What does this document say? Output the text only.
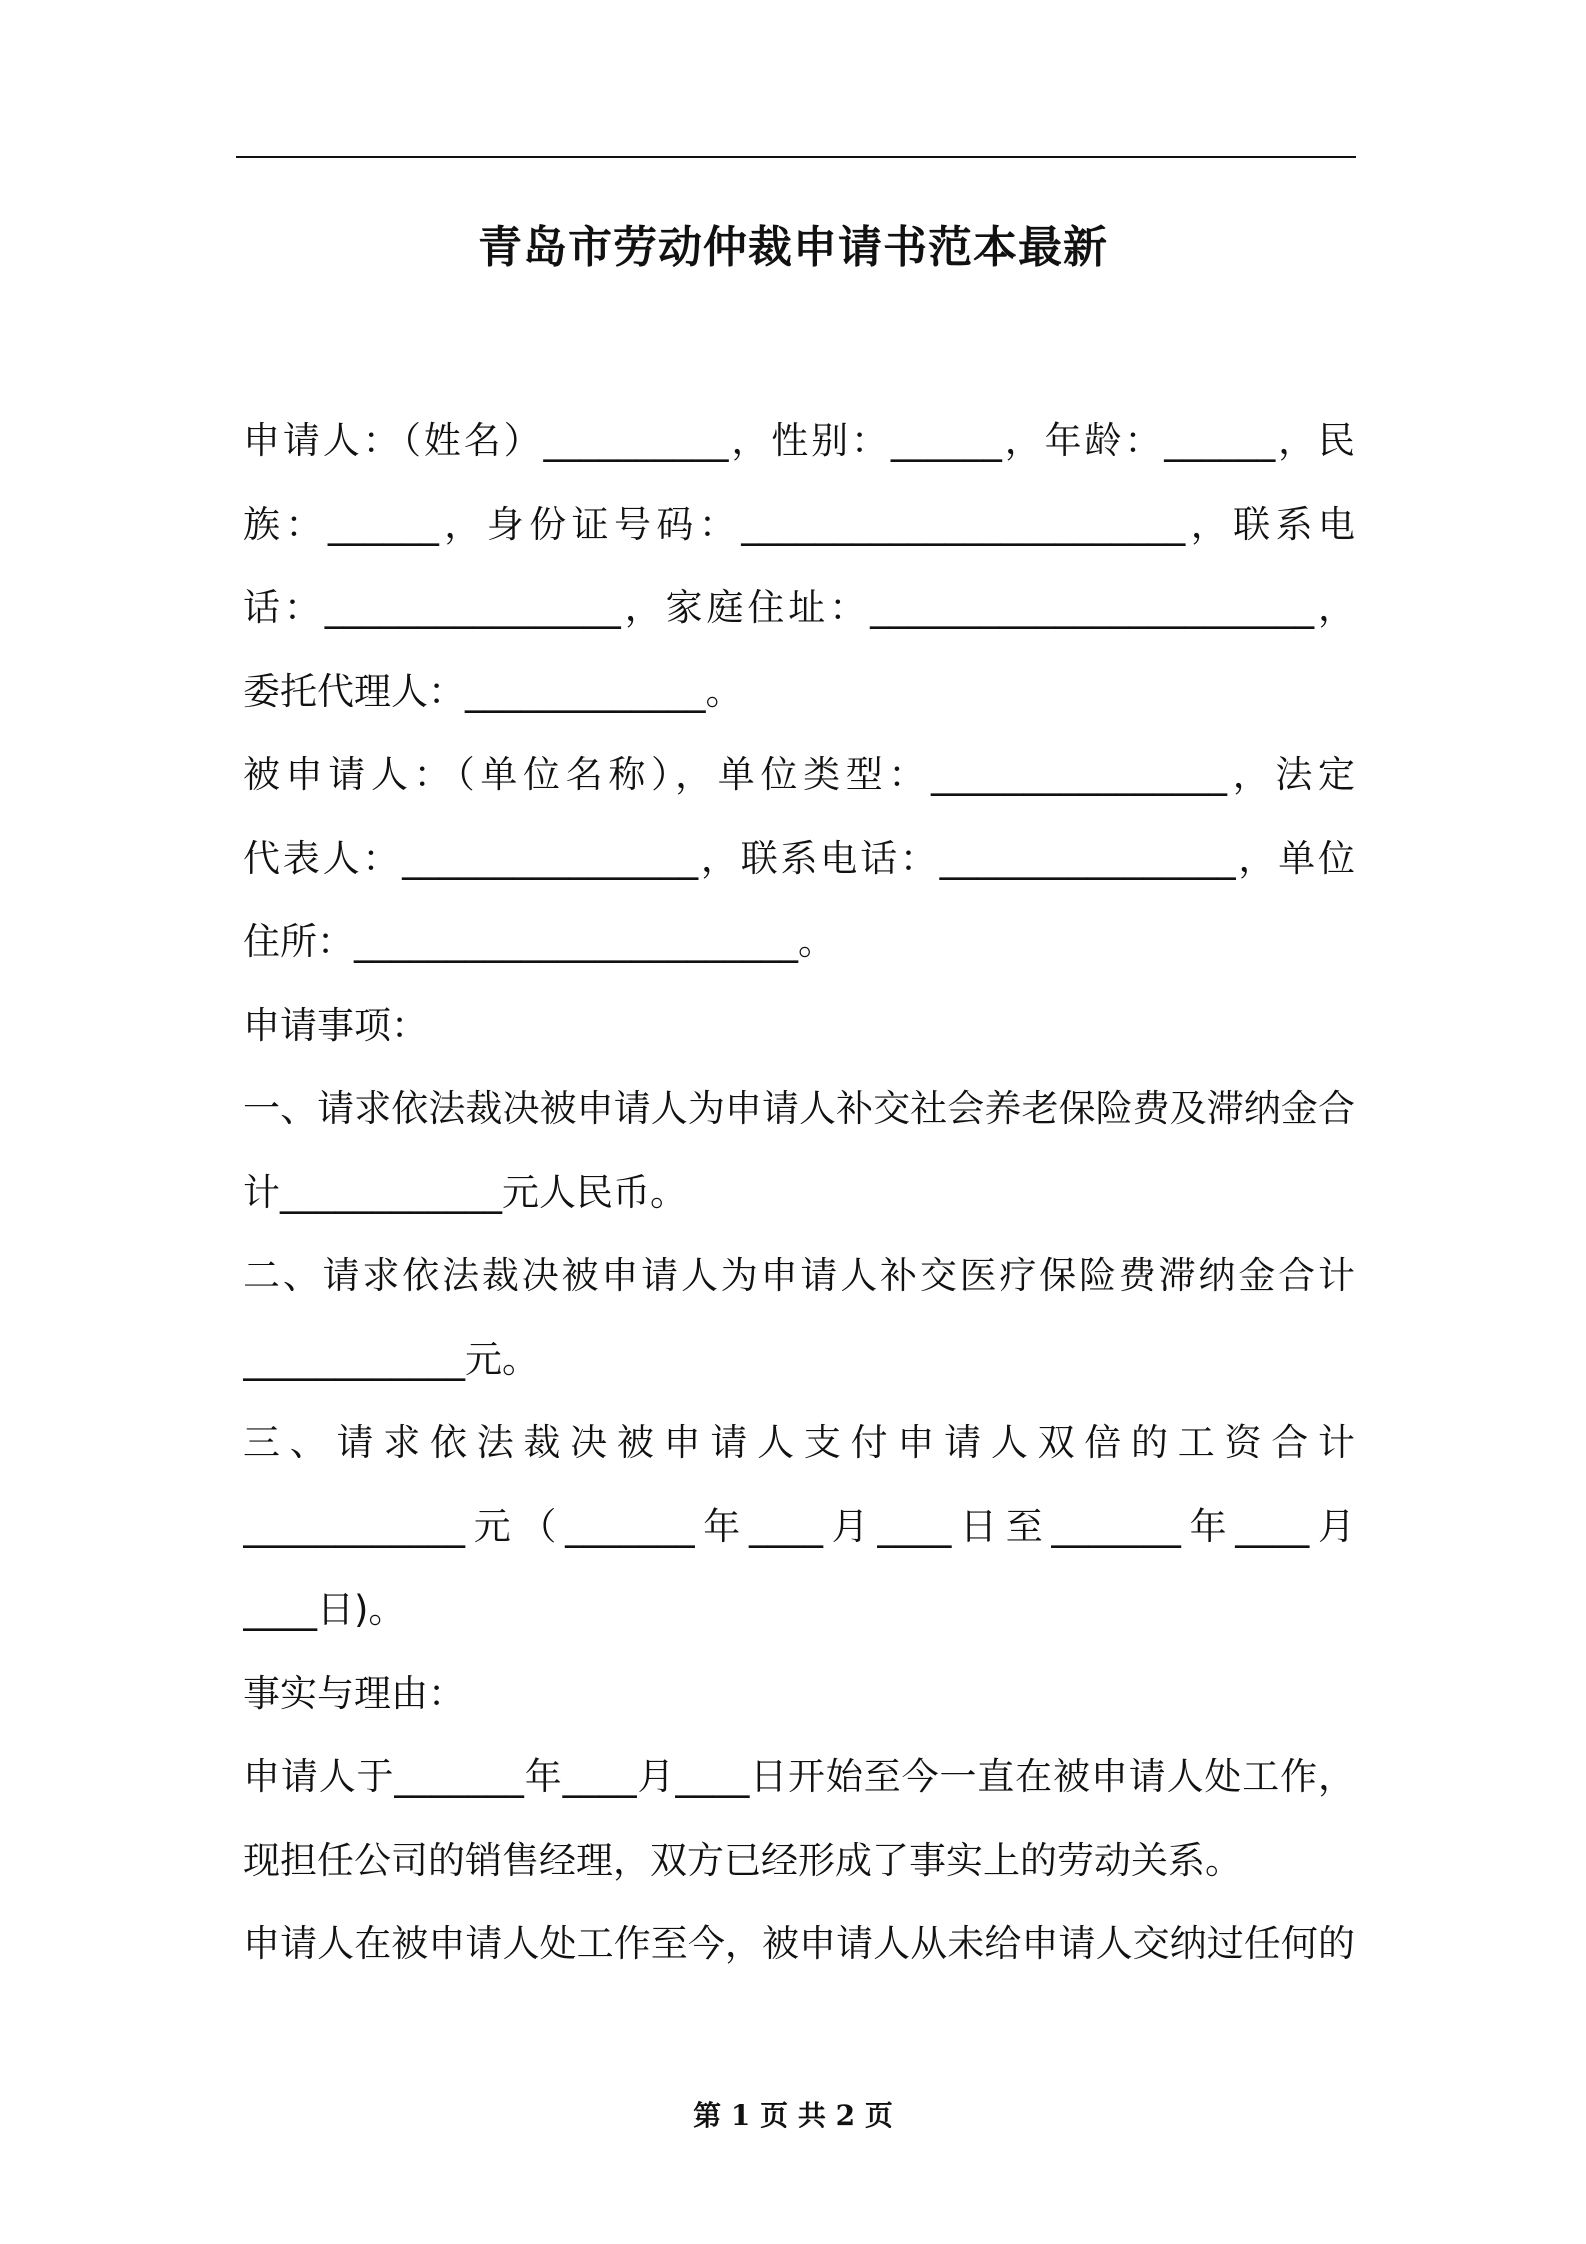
青岛市劳动仲裁申请书范本最新
申请人：（姓名）__________，性别：______，年龄：______，民
族：______，身份证号码：________________________，联系电
话：________________，家庭住址：________________________，
委托代理人：_____________。
被申请人：（单位名称），单位类型：________________，法定
代表人：________________，联系电话：________________，单位
住所：________________________。
申请事项：
一、请求依法裁决被申请人为申请人补交社会养老保险费及滞纳金合
计____________元人民币。
二、请求依法裁决被申请人为申请人补交医疗保险费滞纳金合计
____________元。
三、请求依法裁决被申请人支付申请人双倍的工资合计
____________元（_______年____月____日至_______年____月
____日)。
事实与理由：
申请人于_______年____月____日开始至今一直在被申请人处工作，
现担任公司的销售经理，双方已经形成了事实上的劳动关系。
申请人在被申请人处工作至今，被申请人从未给申请人交纳过任何的
第 1 页 共 2 页
